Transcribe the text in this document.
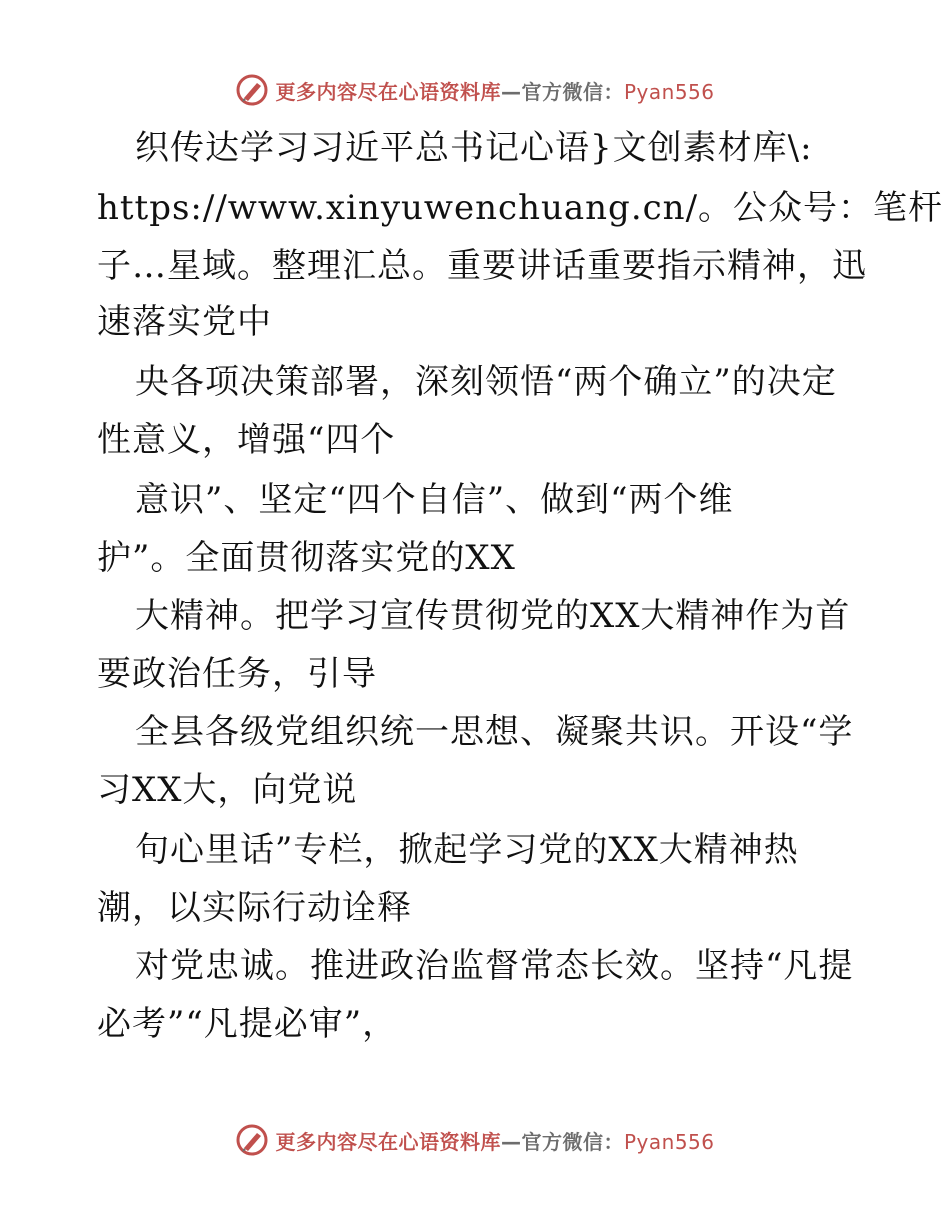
更多内容尽在心语资料库—官方微信：Pyan556
织传达学习习近平总书记心语}文创素材库\:
https://www.xinyuwenchuang.cn/。公众号：笔杆
子…星域。整理汇总。重要讲话重要指示精神，迅
速落实党中
央各项决策部署，深刻领悟“两个确立”的决定
性意义，增强“四个
意识”、坚定“四个自信”、做到“两个维
护”。全面贯彻落实党的XX
大精神。把学习宣传贯彻党的XX大精神作为首
要政治任务，引导
全县各级党组织统一思想、凝聚共识。开设“学
习XX大，向党说
句心里话”专栏，掀起学习党的XX大精神热
潮，以实际行动诠释
对党忠诚。推进政治监督常态长效。坚持“凡提
必考”“凡提必审”，
更多内容尽在心语资料库—官方微信：Pyan556
